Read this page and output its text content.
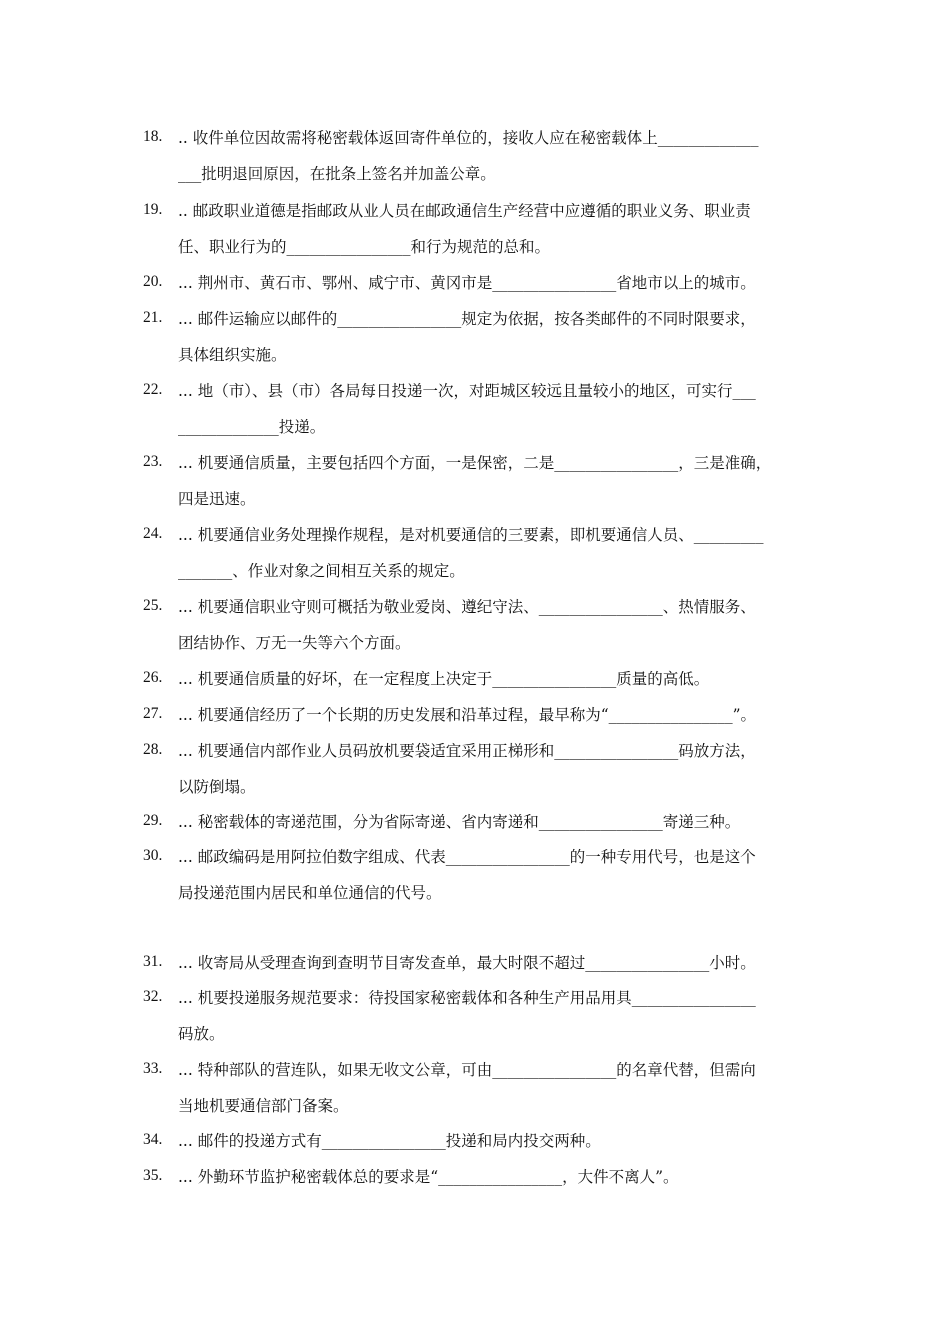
18.	.. 收件单位因故需将秘密载体返回寄件单位的，接收人应在秘密载体上_____________
___批明退回原因，在批条上签名并加盖公章。
19.	.. 邮政职业道德是指邮政从业人员在邮政通信生产经营中应遵循的职业义务、职业责
任、职业行为的________________和行为规范的总和。
20.	... 荆州市、黄石市、鄂州、咸宁市、黄冈市是________________省地市以上的城市。
21.	... 邮件运输应以邮件的________________规定为依据，按各类邮件的不同时限要求，
具体组织实施。
22.	... 地（市）、县（市）各局每日投递一次，对距城区较远且量较小的地区，可实行___
_____________投递。
23.	... 机要通信质量，主要包括四个方面，一是保密，二是________________，三是准确，
四是迅速。
24.	... 机要通信业务处理操作规程，是对机要通信的三要素，即机要通信人员、_________
_______、作业对象之间相互关系的规定。
25.	... 机要通信职业守则可概括为敬业爱岗、遵纪守法、________________、热情服务、
团结协作、万无一失等六个方面。
26.	... 机要通信质量的好坏，在一定程度上决定于________________质量的高低。
27.	... 机要通信经历了一个长期的历史发展和沿革过程，最早称为“________________”。
28.	... 机要通信内部作业人员码放机要袋适宜采用正梯形和________________码放方法，
以防倒塌。
29.	... 秘密载体的寄递范围，分为省际寄递、省内寄递和________________寄递三种。
30.	... 邮政编码是用阿拉伯数字组成、代表________________的一种专用代号，也是这个
局投递范围内居民和单位通信的代号。
31.	... 收寄局从受理查询到查明节目寄发查单，最大时限不超过________________小时。
32.	... 机要投递服务规范要求：待投国家秘密载体和各种生产用品用具________________
码放。
33.	... 特种部队的营连队，如果无收文公章，可由________________的名章代替，但需向
当地机要通信部门备案。
34.	... 邮件的投递方式有________________投递和局内投交两种。
35.	... 外勤环节监护秘密载体总的要求是“________________，大件不离人”。
